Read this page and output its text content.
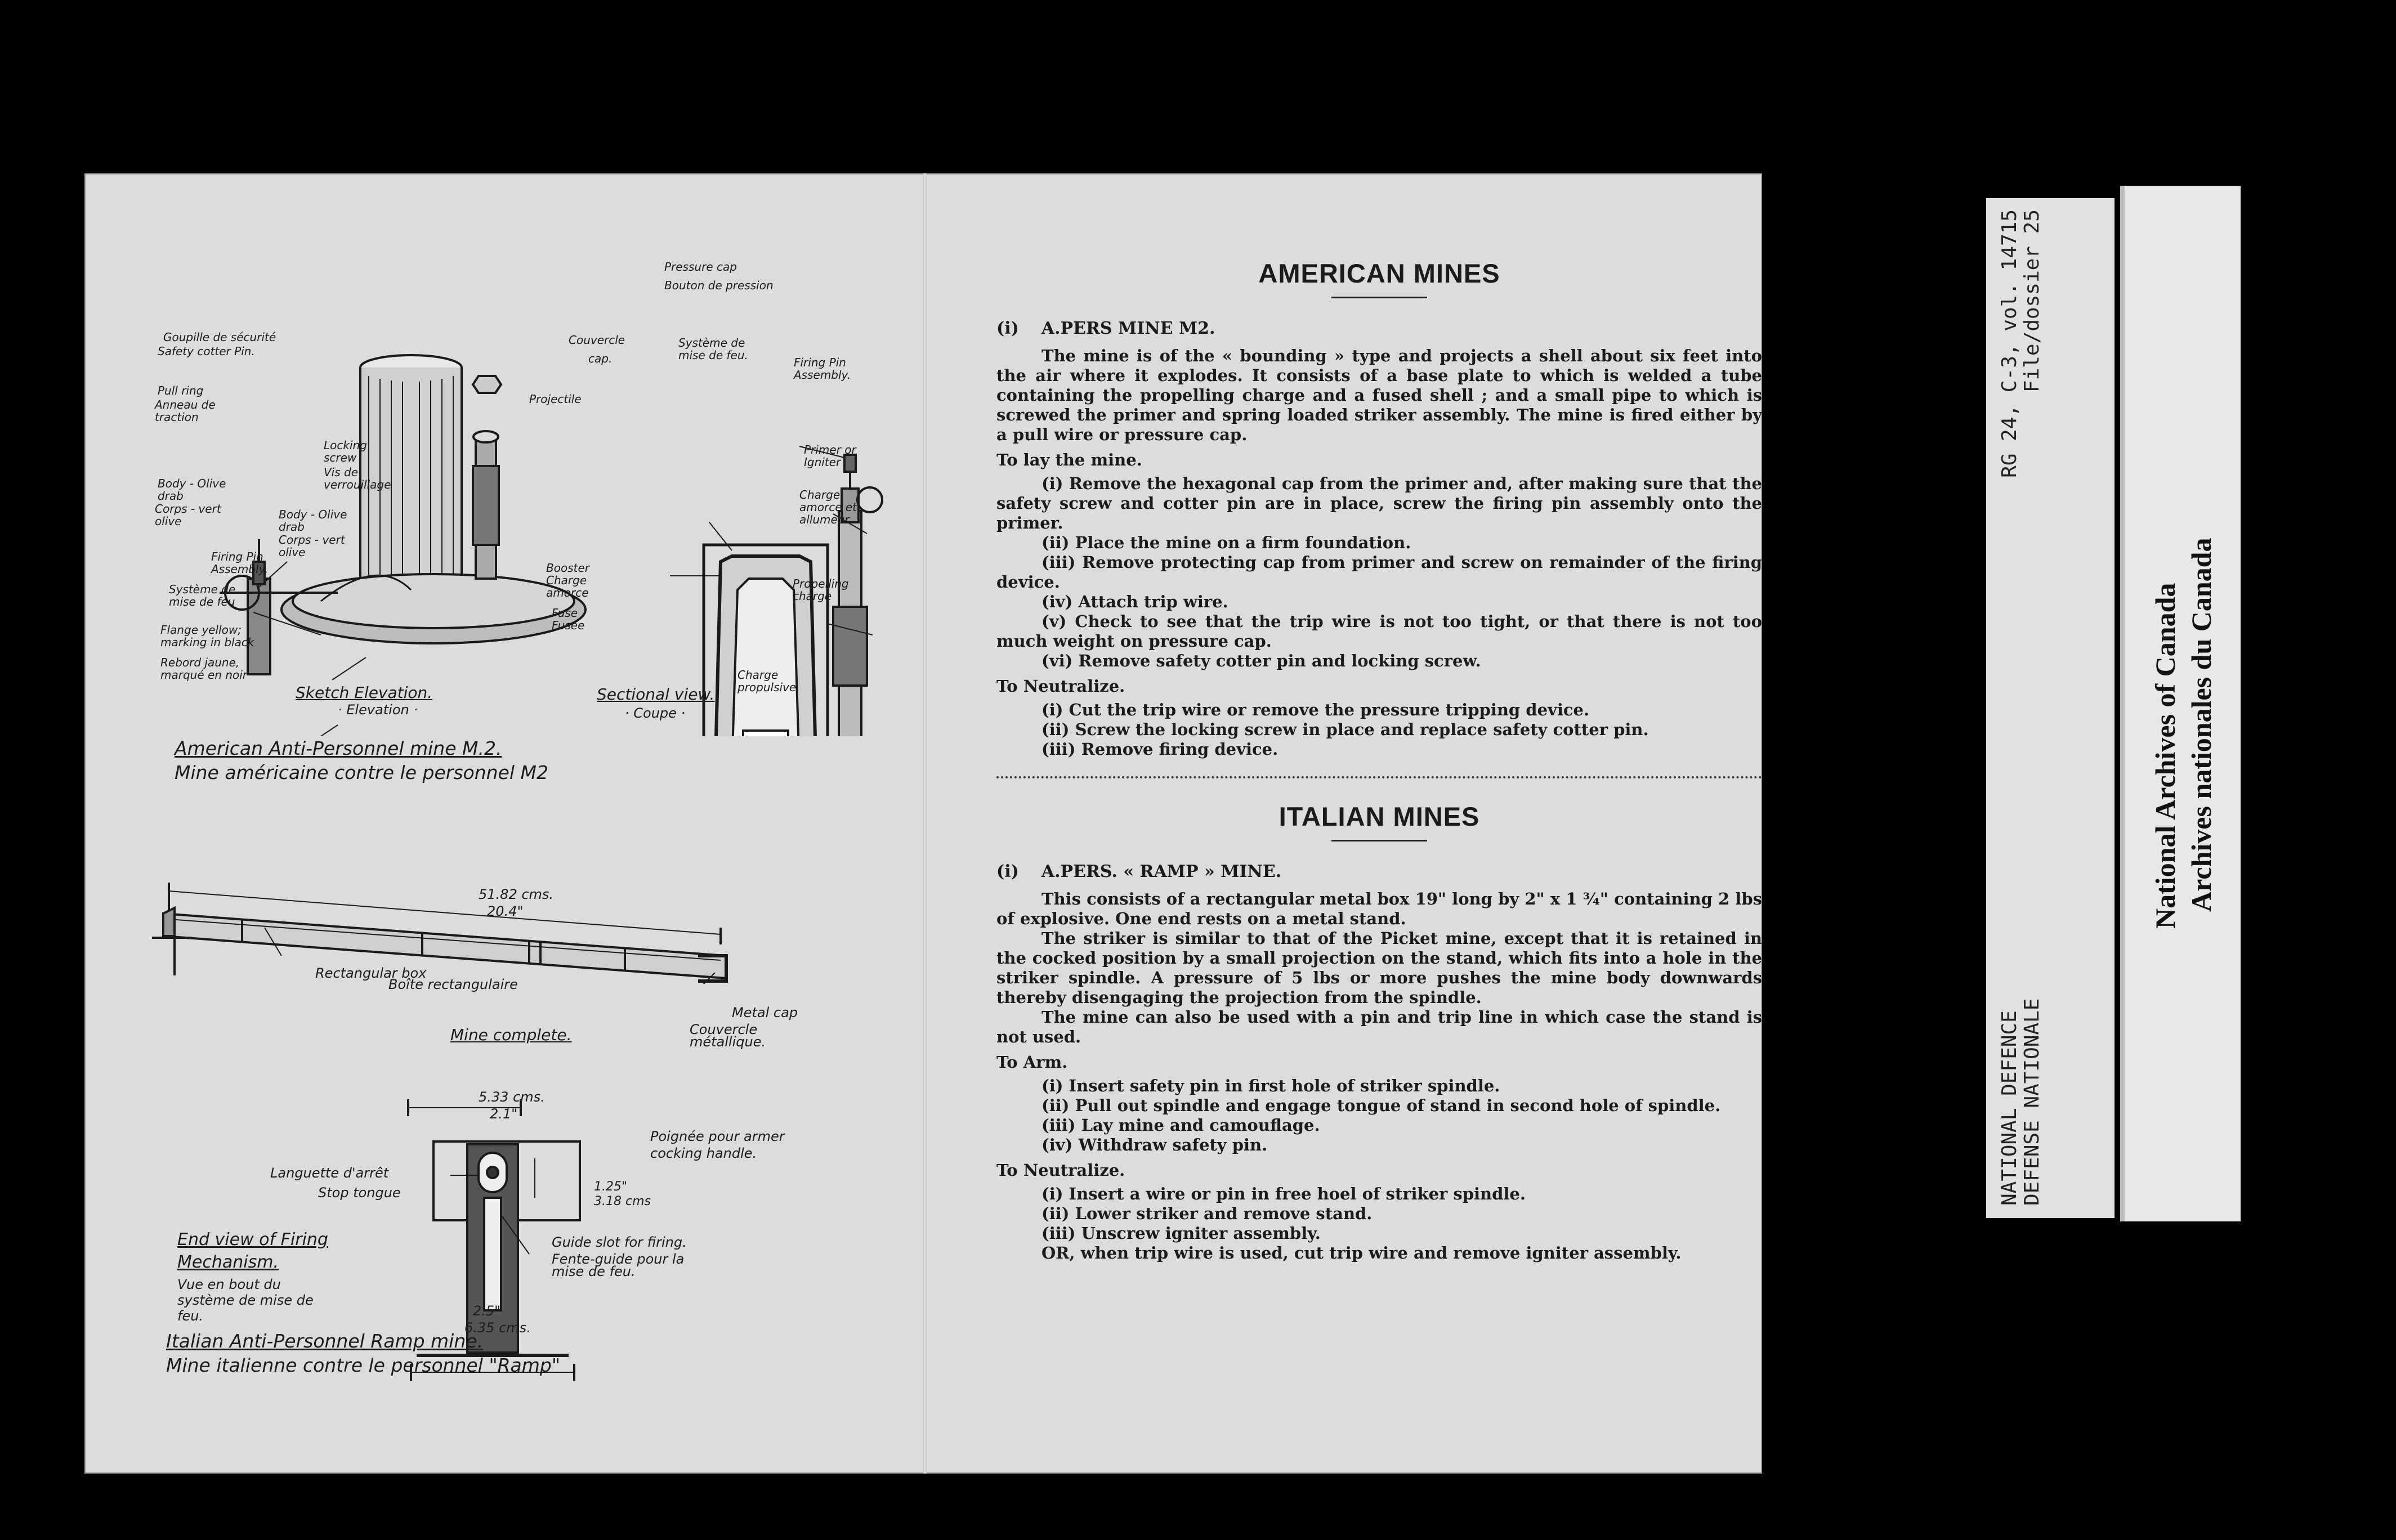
Pressure cap
Bouton de pression
Goupille de sécurité
Safety cotter Pin.
Couvercle
cap.
Système de mise de feu.
Firing Pin Assembly.
Projectile
Pull ring
Anneau de traction
Locking screw
Vis de verrouillage
Body - Olive drab
Corps - vert olive	Body - Olive drab
Corps - vert olive
Primer or Igniter
Charge amorce et allumeur
Firing Pin Assembly.
Système de mise de feu
Booster Charge amorce
Fuse Fusée
Propelling charge
Flange yellow; marking in black
Rebord jaune, marqué en noir	Charge propulsive
Sketch Elevation.
· Elevation ·
Sectional view.
· Coupe ·
American Anti-Personnel mine M.2.
Mine américaine contre le personnel M2
51.82 cms.
20.4"
Rectangular box
Boîte rectangulaire
Metal cap
Couvercle métallique.
Mine complete.
5.33 cms.
2.1"
Poignée pour armer
cocking handle.
Languette d'arrêt
Stop tongue	1.25"
3.18 cms
Guide slot for firing.
Fente-guide pour la mise de feu.
2.5"
6.35 cms.
End view of Firing Mechanism.
Vue en bout du système de mise de feu.
Italian Anti-Personnel Ramp mine.
Mine italienne contre le personnel "Ramp"
AMERICAN MINES
(i) A.PERS MINE M2.

The mine is of the « bounding » type and projects a shell about six feet into the air where it explodes. It consists of a base plate to which is welded a tube containing the propelling charge and a fused shell ; and a small pipe to which is screwed the primer and spring loaded striker assembly. The mine is fired either by a pull wire or pressure cap.

To lay the mine.

(i) Remove the hexagonal cap from the primer and, after making sure that the safety screw and cotter pin are in place, screw the firing pin assembly onto the primer.

(ii) Place the mine on a firm foundation.

(iii) Remove protecting cap from primer and screw on remainder of the firing device.

(iv) Attach trip wire.

(v) Check to see that the trip wire is not too tight, or that there is not too much weight on pressure cap.

(vi) Remove safety cotter pin and locking screw.

To Neutralize.

(i) Cut the trip wire or remove the pressure tripping device.

(ii) Screw the locking screw in place and replace safety cotter pin.

(iii) Remove firing device.

ITALIAN MINES
(i) A.PERS. « RAMP » MINE.

This consists of a rectangular metal box 19" long by 2" x 1 ¾" containing 2 lbs of explosive. One end rests on a metal stand.

The striker is similar to that of the Picket mine, except that it is retained in the cocked position by a small projection on the stand, which fits into a hole in the striker spindle. A pressure of 5 lbs or more pushes the mine body downwards thereby disengaging the projection from the spindle.

The mine can also be used with a pin and trip line in which case the stand is not used.

To Arm.

(i) Insert safety pin in first hole of striker spindle.

(ii) Pull out spindle and engage tongue of stand in second hole of spindle.

(iii) Lay mine and camouflage.

(iv) Withdraw safety pin.

To Neutralize.

(i) Insert a wire or pin in free hoel of striker spindle.

(ii) Lower striker and remove stand.

(iii) Unscrew igniter assembly.

OR, when trip wire is used, cut trip wire and remove igniter assembly.

NATIONAL DEFENCE
RG 24, C-3, vol. 14715
DEFENSE NATIONALE
File/dossier 25
National Archives of Canada Archives nationales du Canada
